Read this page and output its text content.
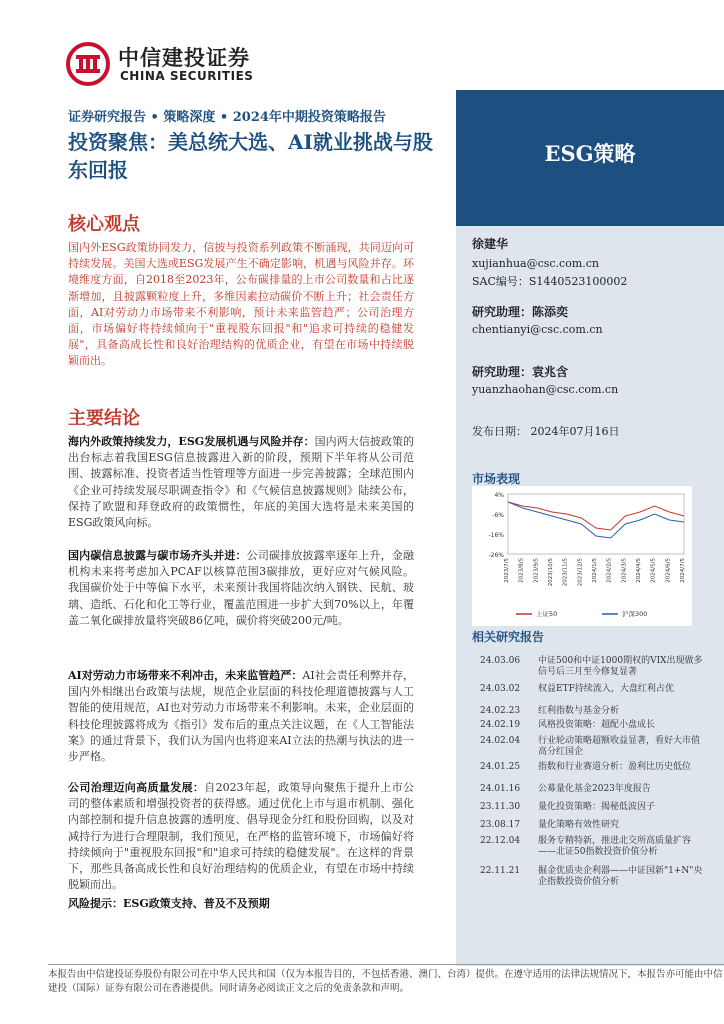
中信建投证券
CHINA SECURITIES
ESG策略
证券研究报告 • 策略深度 • 2024年中期投资策略报告
投资聚焦：美总统大选、AI就业挑战与股东回报
核心观点
国内外ESG政策协同发力，信披与投资系列政策不断涌现，共同迈向可持续发展。美国大选或ESG发展产生不确定影响，机遇与风险并存。环境维度方面，自2018至2023年，公布碳排量的上市公司数量和占比逐渐增加，且披露颗粒度上升，多维因素拉动碳价不断上升；社会责任方面，AI对劳动力市场带来不利影响，预计未来监管趋严；公司治理方面，市场偏好将持续倾向于"重视股东回报"和"追求可持续的稳健发展"，具备高成长性和良好治理结构的优质企业，有望在市场中持续脱颖而出。
主要结论
海内外政策持续发力，ESG发展机遇与风险并存：国内两大信披政策的出台标志着我国ESG信息披露进入新的阶段，预期下半年将从公司范围、披露标准、投资者适当性管理等方面进一步完善披露；全球范围内《企业可持续发展尽职调查指令》和《气候信息披露规则》陆续公布，保持了欧盟和拜登政府的政策惯性，年底的美国大选将是未来美国的ESG政策风向标。
国内碳信息披露与碳市场齐头并进：公司碳排放披露率逐年上升，金融机构未来将考虑加入PCAF以核算范围3碳排放，更好应对气候风险。我国碳价处于中等偏下水平，未来预计我国将陆次纳入钢铁、民航、玻璃、造纸、石化和化工等行业，覆盖范围进一步扩大到70%以上，年覆盖二氧化碳排放量将突破86亿吨，碳价将突破200元/吨。
AI对劳动力市场带来不利冲击，未来监管趋严：AI社会责任利弊并存，国内外相继出台政策与法规，规范企业层面的科技伦理道德披露与人工智能的使用规范，AI也对劳动力市场带来不利影响。未来，企业层面的科技伦理披露将成为《指引》发布后的重点关注议题，在《人工智能法案》的通过背景下，我们认为国内也将迎来AI立法的热潮与执法的进一步严格。
公司治理迈向高质量发展：自2023年起，政策导向聚焦于提升上市公司的整体素质和增强投资者的获得感。通过优化上市与退市机制、强化内部控制和提升信息披露的透明度、倡导现金分红和股份回购，以及对减持行为进行合理限制，我们预见，在严格的监管环境下，市场偏好将持续倾向于"重视股东回报"和"追求可持续的稳健发展"。在这样的背景下，那些具备高成长性和良好治理结构的优质企业，有望在市场中持续脱颖而出。
风险提示：ESG政策支持、普及不及预期
徐建华
xujianhua@csc.com.cn
SAC编号：S1440523100002
研究助理：陈添奕
chentianyi@csc.com.cn
研究助理：袁兆含
yuanzhaohan@csc.com.cn
发布日期： 2024年07月16日
市场表现
4%
-6%
-16%
-26%
2023/7/5 2023/8/5 2023/9/5 2023/10/5 2023/11/5 2023/12/5 2024/1/5 2024/2/5 2024/3/5 2024/4/5 2024/5/5 2024/6/5 2024/7/5
上证50	沪深300
相关研究报告
24.03.06 中证500和中证1000期权的VIX出现做多信号后三月至今修复显著
24.03.02 权益ETF持续流入，大盘红利占优
24.02.23 红利指数与基金分析
24.02.19 风格投资策略：超配小盘成长
24.02.04 行业轮动策略超额收益显著，看好大市值高分红国企
24.01.25 指数和行业赛道分析：盈利比历史低位
24.01.16 公募量化基金2023年度报告
23.11.30 量化投资策略：揭秘低波因子
23.08.17 量化策略有效性研究
22.12.04 服务专精特新，推进北交所高质量扩容——北证50指数投资价值分析
22.11.21 掘金优质央企利器——中证国新"1+N"央企指数投资价值分析
本报告由中信建投证券股份有限公司在中华人民共和国（仅为本报告目的，不包括香港、澳门、台湾）提供。在遵守适用的法律法规情况下，本报告亦可能由中信建投（国际）证券有限公司在香港提供。同时请务必阅读正文之后的免责条款和声明。
